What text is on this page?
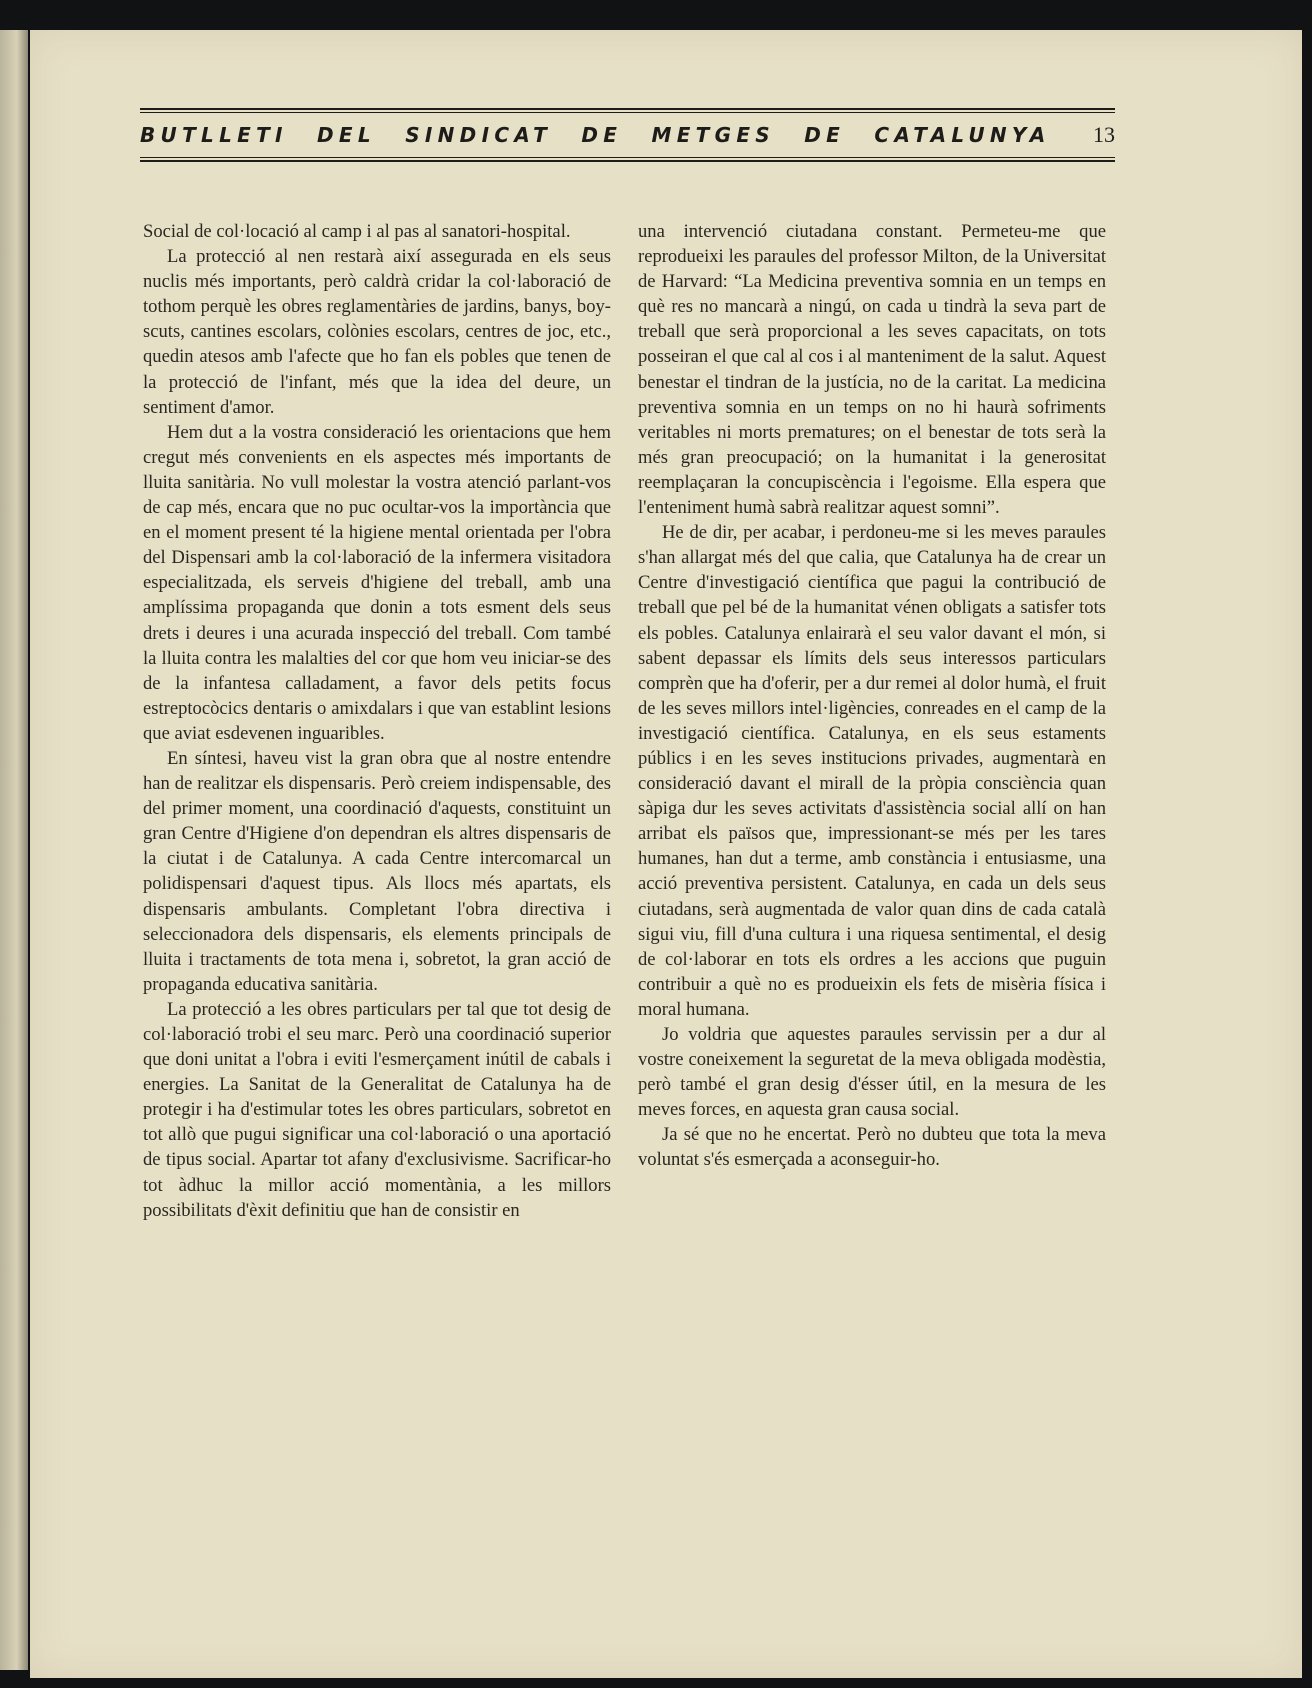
BUTLLETI DEL SINDICAT DE METGES DE CATALUNYA 13

Social de col·locació al camp i al pas al sanatori-hospital.

La protecció al nen restarà així assegurada en els seus nuclis més importants, però caldrà cridar la col·laboració de tothom perquè les obres reglamentàries de jardins, banys, boy-scuts, cantines escolars, colònies escolars, centres de joc, etc., quedin atesos amb l'afecte que ho fan els pobles que tenen de la protecció de l'infant, més que la idea del deure, un sentiment d'amor.

Hem dut a la vostra consideració les orientacions que hem cregut més convenients en els aspectes més importants de lluita sanitària. No vull molestar la vostra atenció parlant-vos de cap més, encara que no puc ocultar-vos la importància que en el moment present té la higiene mental orientada per l'obra del Dispensari amb la col·laboració de la infermera visitadora especialitzada, els serveis d'higiene del treball, amb una amplíssima propaganda que donin a tots esment dels seus drets i deures i una acurada inspecció del treball. Com també la lluita contra les malalties del cor que hom veu iniciar-se des de la infantesa calladament, a favor dels petits focus estreptocòcics dentaris o amixdalars i que van establint lesions que aviat esdevenen inguaribles.

En síntesi, haveu vist la gran obra que al nostre entendre han de realitzar els dispensaris. Però creiem indispensable, des del primer moment, una coordinació d'aquests, constituint un gran Centre d'Higiene d'on dependran els altres dispensaris de la ciutat i de Catalunya. A cada Centre intercomarcal un polidispensari d'aquest tipus. Als llocs més apartats, els dispensaris ambulants. Completant l'obra directiva i seleccionadora dels dispensaris, els elements principals de lluita i tractaments de tota mena i, sobretot, la gran acció de propaganda educativa sanitària.

La protecció a les obres particulars per tal que tot desig de col·laboració trobi el seu marc. Però una coordinació superior que doni unitat a l'obra i eviti l'esmerçament inútil de cabals i energies. La Sanitat de la Generalitat de Catalunya ha de protegir i ha d'estimular totes les obres particulars, sobretot en tot allò que pugui significar una col·laboració o una aportació de tipus social. Apartar tot afany d'exclusivisme. Sacrificar-ho tot àdhuc la millor acció momentània, a les millors possibilitats d'èxit definitiu que han de consistir en

una intervenció ciutadana constant. Permeteu-me que reprodueixi les paraules del professor Milton, de la Universitat de Harvard: “La Medicina preventiva somnia en un temps en què res no mancarà a ningú, on cada u tindrà la seva part de treball que serà proporcional a les seves capacitats, on tots posseiran el que cal al cos i al manteniment de la salut. Aquest benestar el tindran de la justícia, no de la caritat. La medicina preventiva somnia en un temps on no hi haurà sofriments veritables ni morts prematures; on el benestar de tots serà la més gran preocupació; on la humanitat i la generositat reemplaçaran la concupiscència i l'egoisme. Ella espera que l'enteniment humà sabrà realitzar aquest somni”.

He de dir, per acabar, i perdoneu-me si les meves paraules s'han allargat més del que calia, que Catalunya ha de crear un Centre d'investigació científica que pagui la contribució de treball que pel bé de la humanitat vénen obligats a satisfer tots els pobles. Catalunya enlairarà el seu valor davant el món, si sabent depassar els límits dels seus interessos particulars comprèn que ha d'oferir, per a dur remei al dolor humà, el fruit de les seves millors intel·ligències, conreades en el camp de la investigació científica. Catalunya, en els seus estaments públics i en les seves institucions privades, augmentarà en consideració davant el mirall de la pròpia consciència quan sàpiga dur les seves activitats d'assistència social allí on han arribat els països que, impressionant-se més per les tares humanes, han dut a terme, amb constància i entusiasme, una acció preventiva persistent. Catalunya, en cada un dels seus ciutadans, serà augmentada de valor quan dins de cada català sigui viu, fill d'una cultura i una riquesa sentimental, el desig de col·laborar en tots els ordres a les accions que puguin contribuir a què no es produeixin els fets de misèria física i moral humana.

Jo voldria que aquestes paraules servissin per a dur al vostre coneixement la seguretat de la meva obligada modèstia, però també el gran desig d'ésser útil, en la mesura de les meves forces, en aquesta gran causa social.

Ja sé que no he encertat. Però no dubteu que tota la meva voluntat s'és esmerçada a aconseguir-ho.
